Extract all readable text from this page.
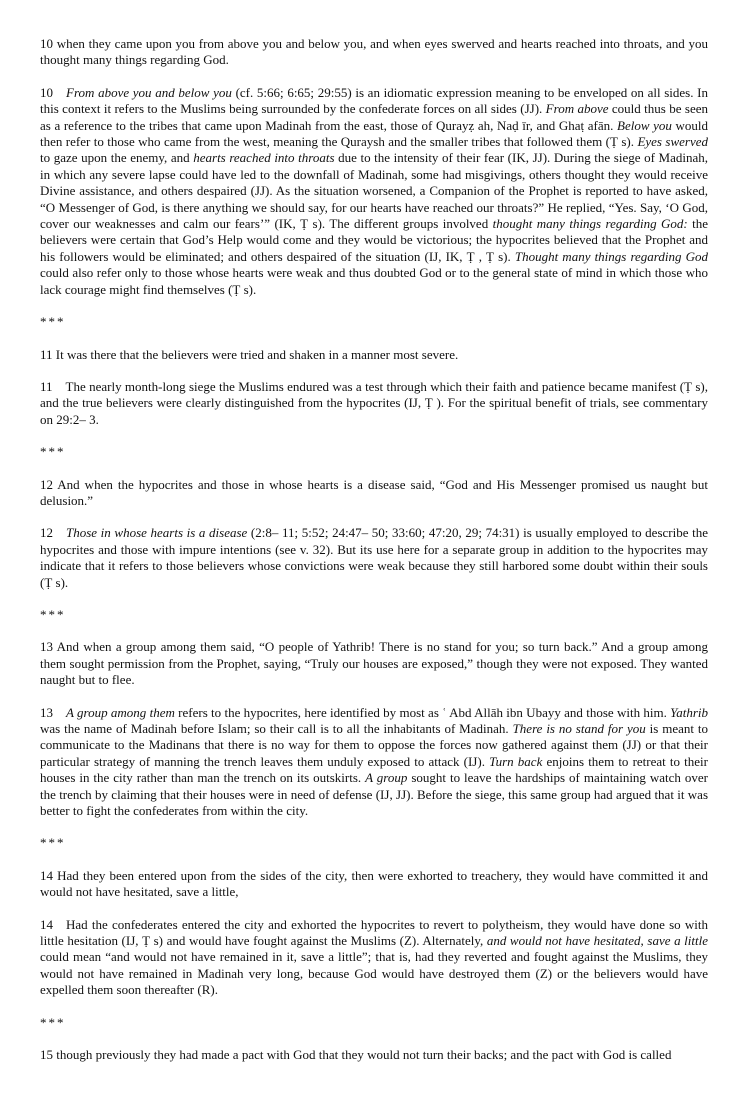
10 when they came upon you from above you and below you, and when eyes swerved and hearts reached into throats, and you thought many things regarding God.

10 From above you and below you (cf. 5:66; 6:65; 29:55) is an idiomatic expression meaning to be enveloped on all sides. In this context it refers to the Muslims being surrounded by the confederate forces on all sides (JJ). From above could thus be seen as a reference to the tribes that came upon Madinah from the east, those of Qurayẓ ah, Naḍ īr, and Ghaṭ afān. Below you would then refer to those who came from the west, meaning the Quraysh and the smaller tribes that followed them (Ṭ s). Eyes swerved to gaze upon the enemy, and hearts reached into throats due to the intensity of their fear (IK, JJ). During the siege of Madinah, in which any severe lapse could have led to the downfall of Madinah, some had misgivings, others thought they would receive Divine assistance, and others despaired (JJ). As the situation worsened, a Companion of the Prophet is reported to have asked, “O Messenger of God, is there anything we should say, for our hearts have reached our throats?” He replied, “Yes. Say, ‘O God, cover our weaknesses and calm our fears’” (IK, Ṭ s). The different groups involved thought many things regarding God: the believers were certain that God’s Help would come and they would be victorious; the hypocrites believed that the Prophet and his followers would be eliminated; and others despaired of the situation (IJ, IK, Ṭ , Ṭ s). Thought many things regarding God could also refer only to those whose hearts were weak and thus doubted God or to the general state of mind in which those who lack courage might find themselves (Ṭ s).

***

11 It was there that the believers were tried and shaken in a manner most severe.

11 The nearly month-long siege the Muslims endured was a test through which their faith and patience became manifest (Ṭ s), and the true believers were clearly distinguished from the hypocrites (IJ, Ṭ ). For the spiritual benefit of trials, see commentary on 29:2– 3.

***

12 And when the hypocrites and those in whose hearts is a disease said, “God and His Messenger promised us naught but delusion.”

12 Those in whose hearts is a disease (2:8– 11; 5:52; 24:47– 50; 33:60; 47:20, 29; 74:31) is usually employed to describe the hypocrites and those with impure intentions (see v. 32). But its use here for a separate group in addition to the hypocrites may indicate that it refers to those believers whose convictions were weak because they still harbored some doubt within their souls (Ṭ s).

***

13 And when a group among them said, “O people of Yathrib! There is no stand for you; so turn back.” And a group among them sought permission from the Prophet, saying, “Truly our houses are exposed,” though they were not exposed. They wanted naught but to flee.

13 A group among them refers to the hypocrites, here identified by most as ʿ Abd Allāh ibn Ubayy and those with him. Yathrib was the name of Madinah before Islam; so their call is to all the inhabitants of Madinah. There is no stand for you is meant to communicate to the Madinans that there is no way for them to oppose the forces now gathered against them (JJ) or that their particular strategy of manning the trench leaves them unduly exposed to attack (IJ). Turn back enjoins them to retreat to their houses in the city rather than man the trench on its outskirts. A group sought to leave the hardships of maintaining watch over the trench by claiming that their houses were in need of defense (IJ, JJ). Before the siege, this same group had argued that it was better to fight the confederates from within the city.

***

14 Had they been entered upon from the sides of the city, then were exhorted to treachery, they would have committed it and would not have hesitated, save a little,

14 Had the confederates entered the city and exhorted the hypocrites to revert to polytheism, they would have done so with little hesitation (IJ, Ṭ s) and would have fought against the Muslims (Z). Alternately, and would not have hesitated, save a little could mean “and would not have remained in it, save a little”; that is, had they reverted and fought against the Muslims, they would not have remained in Madinah very long, because God would have destroyed them (Z) or the believers would have expelled them soon thereafter (R).

***

15 though previously they had made a pact with God that they would not turn their backs; and the pact with God is called
